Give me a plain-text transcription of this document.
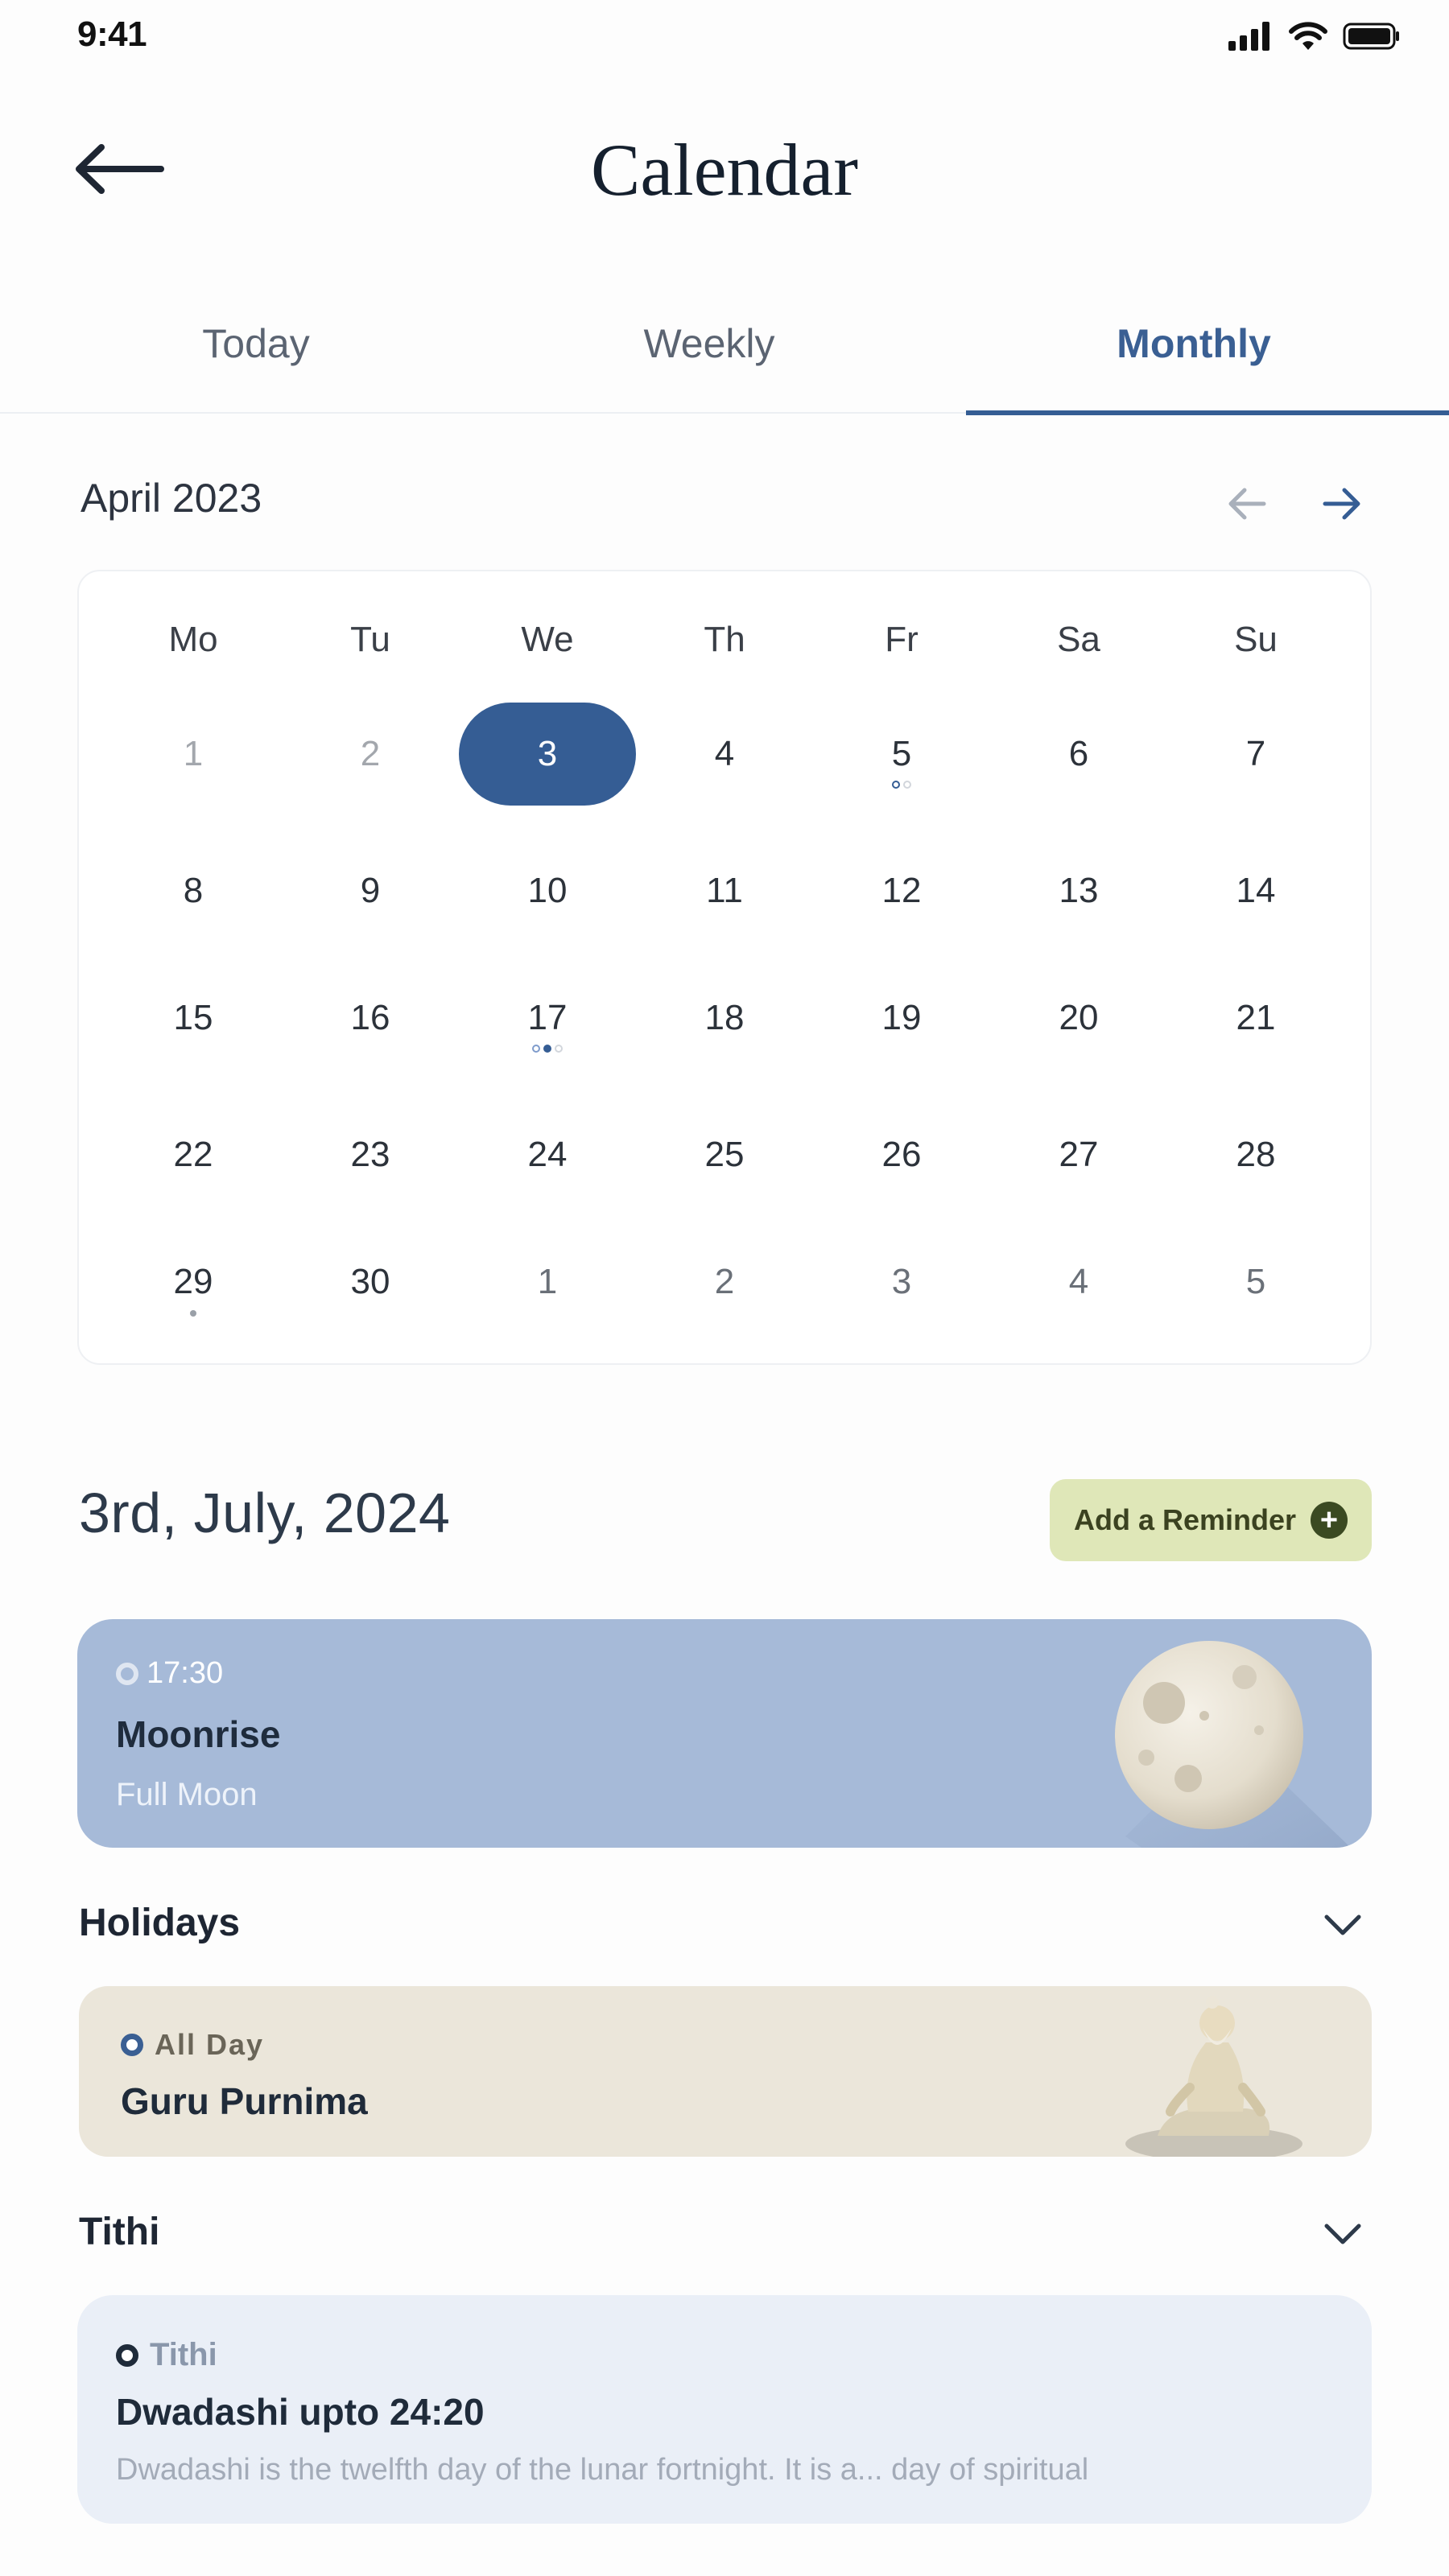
9:41
Calendar
Today	Weekly	Monthly
April 2023
Mo	Tu	We	Th	Fr	Sa	Su
1	2	3	4	5	6	7
8	9	10	11	12	13	14
15	16	17	18	19	20	21
22	23	24	25	26	27	28
29	30	1	2	3	4	5
3rd, July, 2024	Add a Reminder +
17:30
Moonrise
Full Moon
Holidays
All Day
Guru Purnima
Tithi
Tithi
Dwadashi upto 24:20
Dwadashi is the twelfth day of the lunar fortnight. It is a... day of spiritual
